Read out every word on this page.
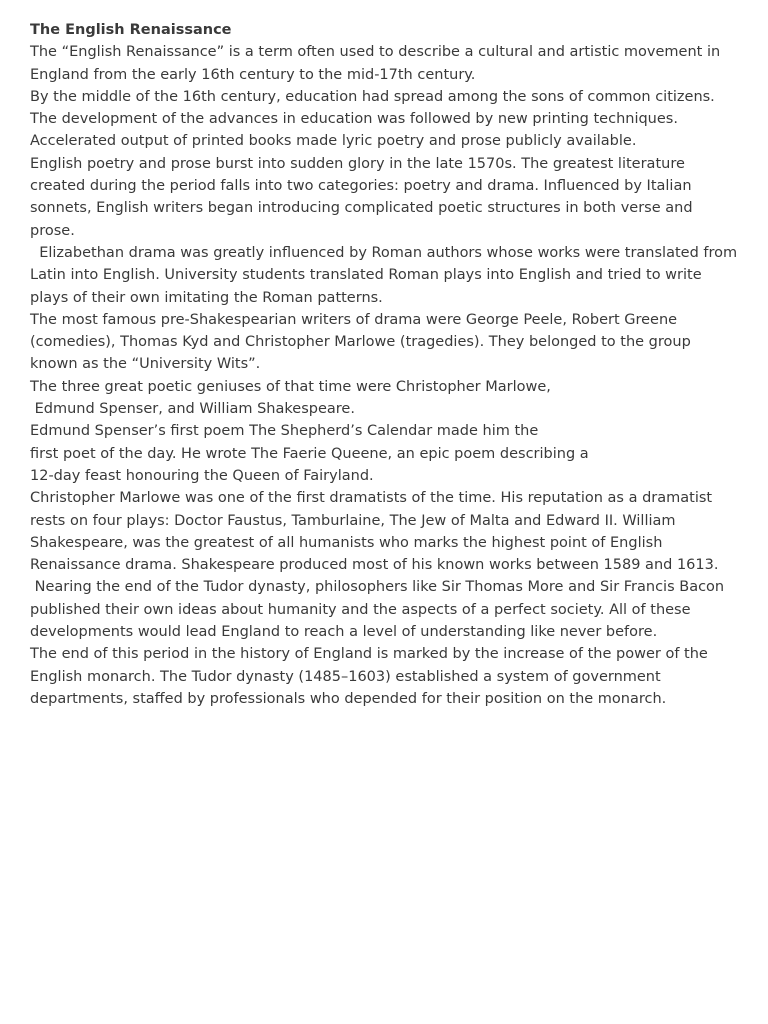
The English Renaissance
The “English Renaissance” is a term often used to describe a cultural and artistic movement in
England from the early 16th century to the mid-17th century.
By the middle of the 16th century, education had spread among the sons of common citizens.
The development of the advances in education was followed by new printing techniques.
Accelerated output of printed books made lyric poetry and prose publicly available.
English poetry and prose burst into sudden glory in the late 1570s. The greatest literature
created during the period falls into two categories: poetry and drama. Influenced by Italian
sonnets, English writers began introducing complicated poetic structures in both verse and
prose.
Elizabethan drama was greatly influenced by Roman authors whose works were translated from
Latin into English. University students translated Roman plays into English and tried to write
plays of their own imitating the Roman patterns.
The most famous pre-Shakespearian writers of drama were George Peele, Robert Greene
(comedies), Thomas Kyd and Christopher Marlowe (tragedies). They belonged to the group
known as the “University Wits”.
The three great poetic geniuses of that time were Christopher Marlowe,
Edmund Spenser, and William Shakespeare.
Edmund Spenser’s first poem The Shepherd’s Calendar made him the
first poet of the day. He wrote The Faerie Queene, an epic poem describing a
12-day feast honouring the Queen of Fairyland.
Christopher Marlowe was one of the first dramatists of the time. His reputation as a dramatist
rests on four plays: Doctor Faustus, Tamburlaine, The Jew of Malta and Edward II. William
Shakespeare, was the greatest of all humanists who marks the highest point of English
Renaissance drama. Shakespeare produced most of his known works between 1589 and 1613.
Nearing the end of the Tudor dynasty, philosophers like Sir Thomas More and Sir Francis Bacon
published their own ideas about humanity and the aspects of a perfect society. All of these
developments would lead England to reach a level of understanding like never before.
The end of this period in the history of England is marked by the increase of the power of the
English monarch. The Tudor dynasty (1485–1603) established a system of government
departments, staffed by professionals who depended for their position on the monarch.
